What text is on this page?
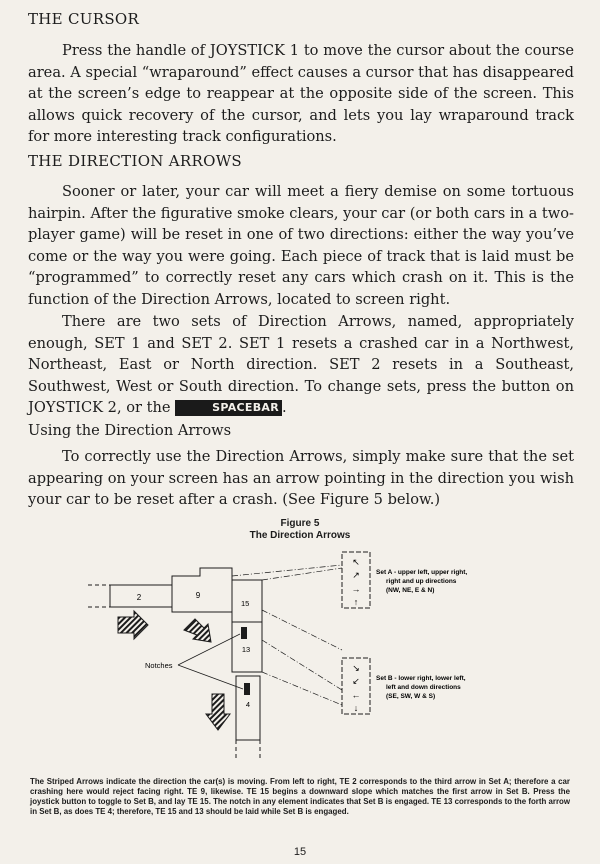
THE CURSOR

Press the handle of JOYSTICK 1 to move the cursor about the course area. A special “wraparound” effect causes a cursor that has disappeared at the screen’s edge to reappear at the opposite side of the screen. This allows quick recovery of the cursor, and lets you lay wraparound track for more interesting track configurations.

THE DIRECTION ARROWS

Sooner or later, your car will meet a fiery demise on some tortuous hairpin. After the figurative smoke clears, your car (or both cars in a two-player game) will be reset in one of two directions: either the way you’ve come or the way you were going. Each piece of track that is laid must be “programmed” to correctly reset any cars which crash on it. This is the function of the Direction Arrows, located to screen right.

There are two sets of Direction Arrows, named, appropriately enough, SET 1 and SET 2. SET 1 resets a crashed car in a Northwest, Northeast, East or North direction. SET 2 resets in a Southeast, Southwest, West or South direction. To change sets, press the button on JOYSTICK 2, or the	SPACEBAR .

Using the Direction Arrows

To correctly use the Direction Arrows, simply make sure that the set appearing on your screen has an arrow pointing in the direction you wish your car to be reset after a crash. (See Figure 5 below.)

Figure 5
The Direction Arrows
2	9
15
13
4
Notches
↖
↗
→
↑
Set A - upper left, upper right,
right and up directions
(NW, NE, E & N)
↘
↙
←
↓
Set B - lower right, lower left,
left and down directions
(SE, SW, W & S)

The Striped Arrows indicate the direction the car(s) is moving. From left to right, TE 2 corresponds to the third arrow in Set A; therefore a car crashing here would reject facing right. TE 9, likewise. TE 15 begins a downward slope which matches the first arrow in Set B. Press the joystick button to toggle to Set B, and lay TE 15. The notch in any element indicates that Set B is engaged. TE 13 corresponds to the forth arrow in Set B, as does TE 4; therefore, TE 15 and 13 should be laid while Set B is engaged.

15
